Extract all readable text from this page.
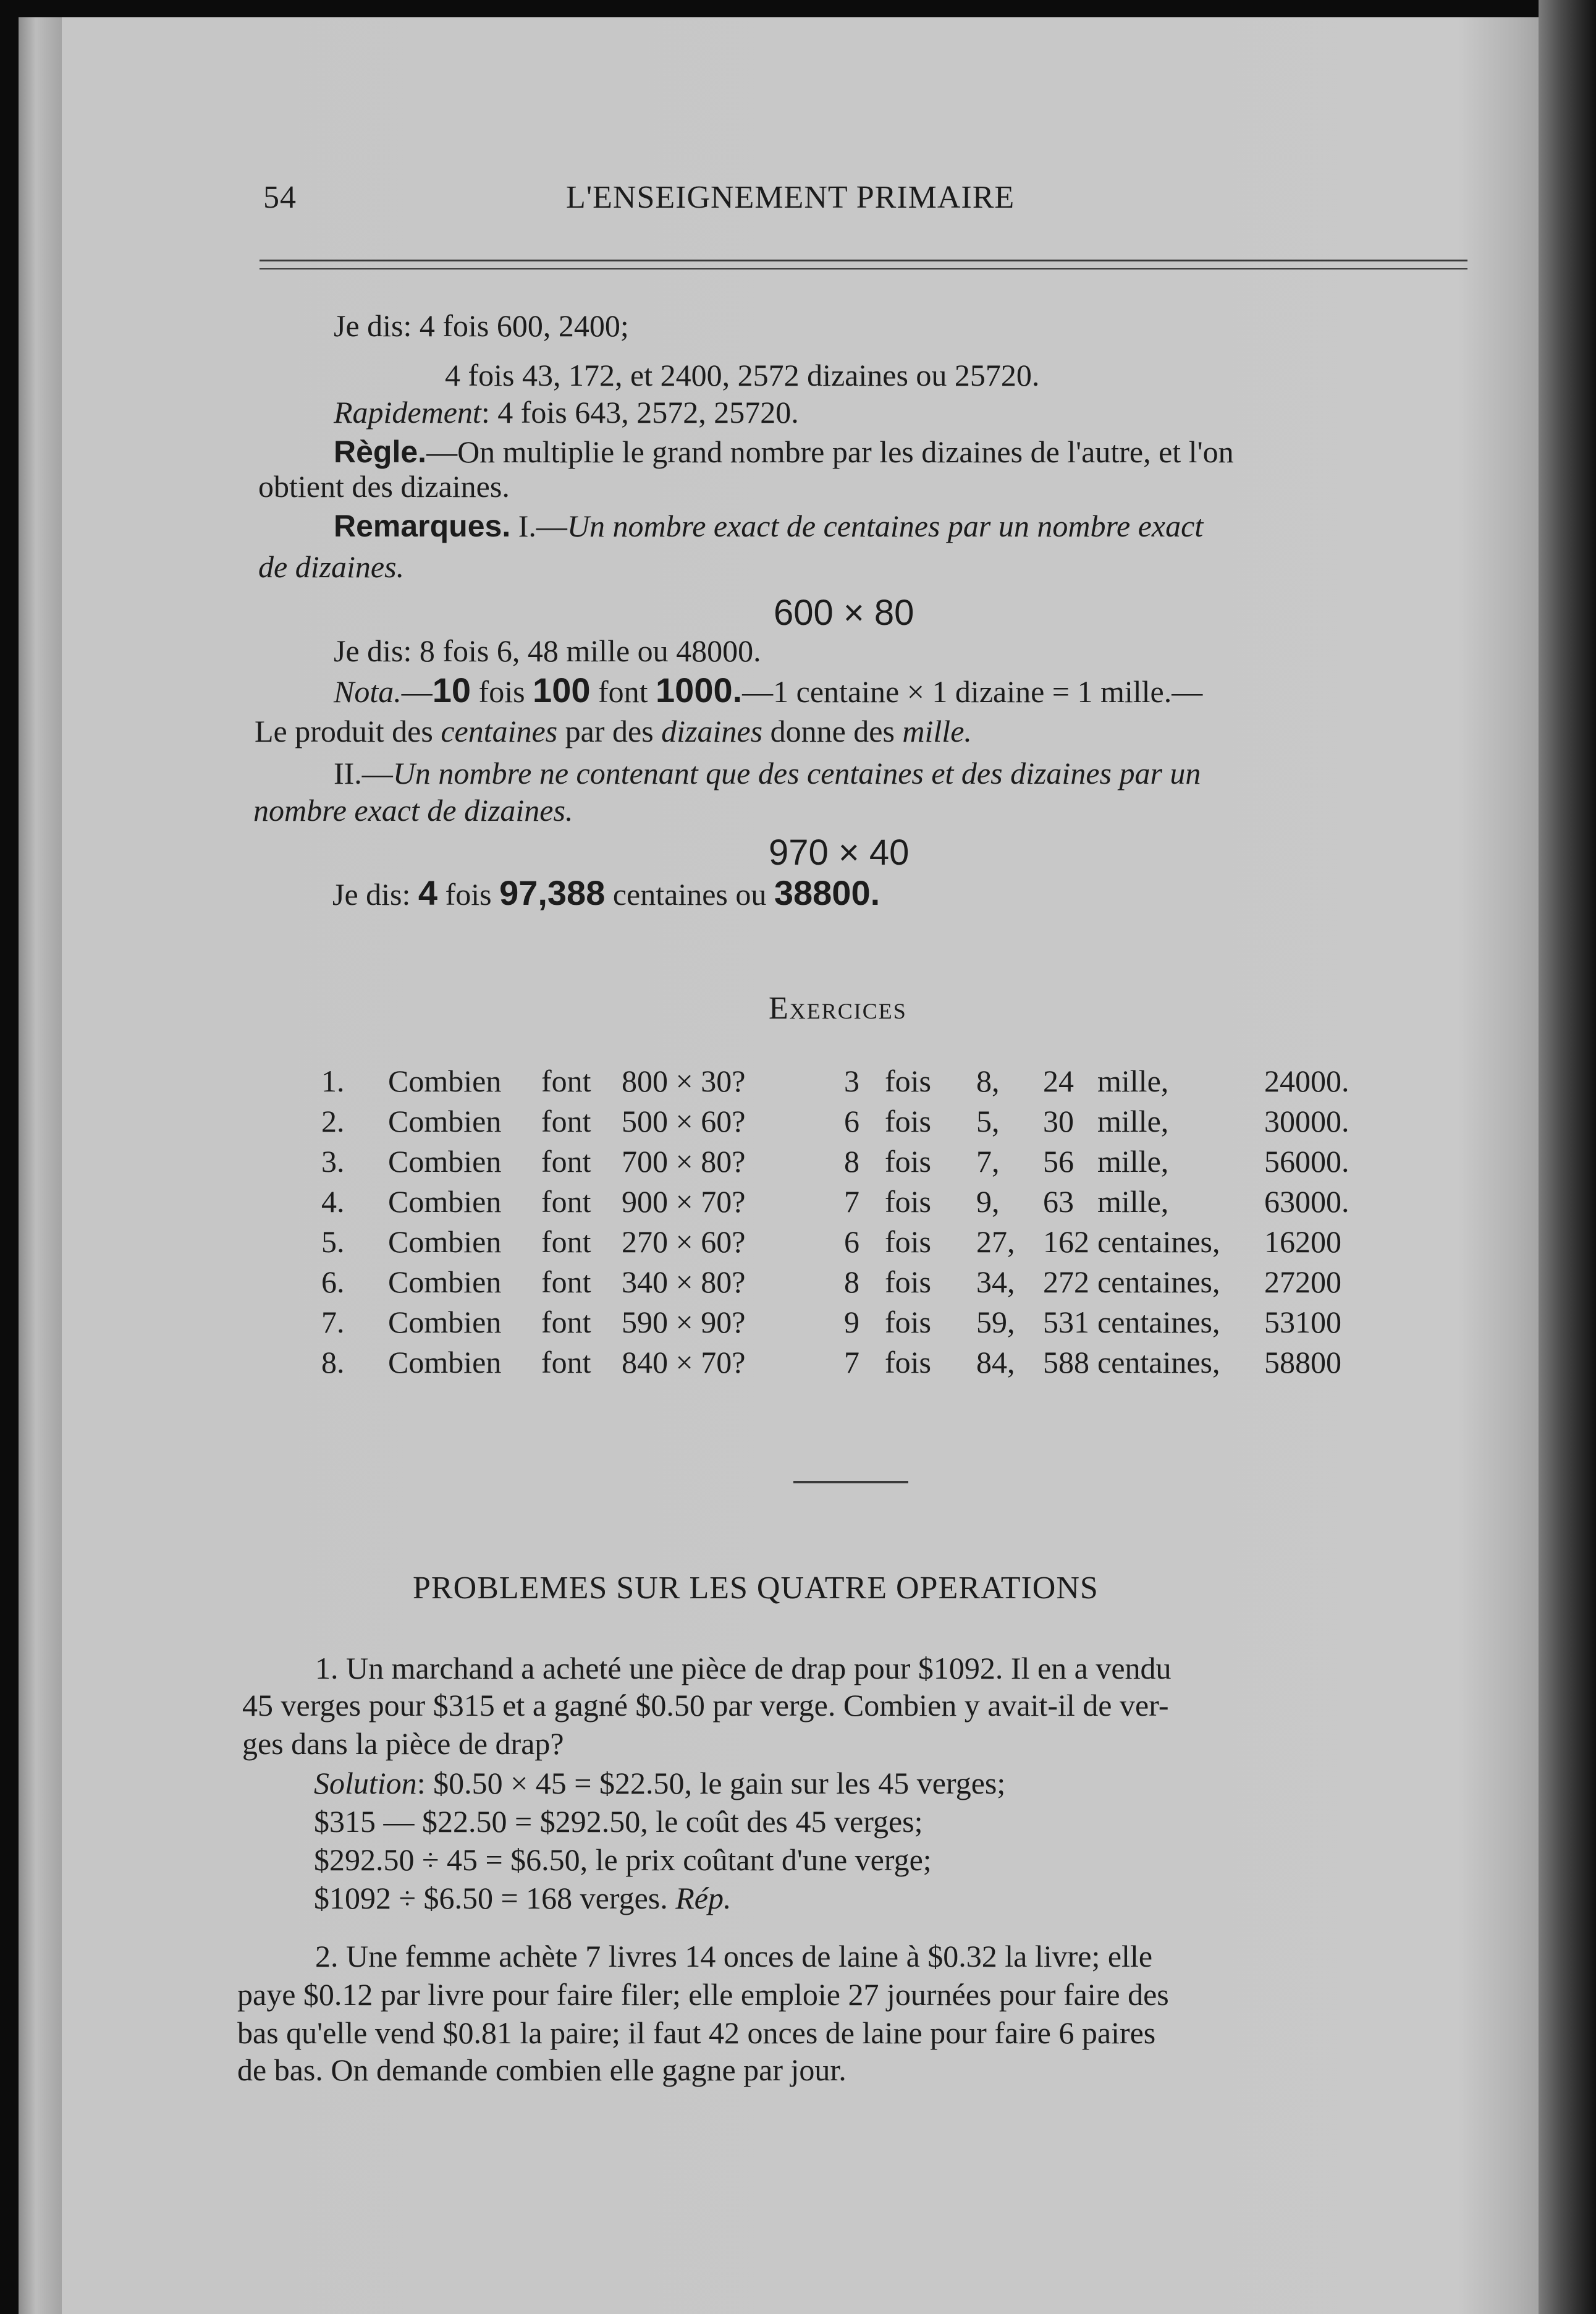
54	L'ENSEIGNEMENT PRIMAIRE
Je dis: 4 fois 600, 2400;
4 fois 43, 172, et 2400, 2572 dizaines ou 25720.
Rapidement: 4 fois 643, 2572, 25720.
Règle.—On multiplie le grand nombre par les dizaines de l'autre, et l'on
obtient des dizaines.
Remarques. I.—Un nombre exact de centaines par un nombre exact
de dizaines.
600 × 80
Je dis: 8 fois 6, 48 mille ou 48000.
Nota.—10 fois 100 font 1000.—1 centaine × 1 dizaine = 1 mille.—
Le produit des centaines par des dizaines donne des mille.
II.—Un nombre ne contenant que des centaines et des dizaines par un
nombre exact de dizaines.
970 × 40
Je dis: 4 fois 97,388 centaines ou 38800.
Exercices
1. Combien font 800 × 30?	3 fois 8, 24 mille,	24000.
2. Combien font 500 × 60?	6 fois 5, 30 mille,	30000.
3. Combien font 700 × 80?	8 fois 7, 56 mille,	56000.
4. Combien font 900 × 70?	7 fois 9, 63 mille,	63000.
5. Combien font 270 × 60?	6 fois 27, 162 centaines, 16200
6. Combien font 340 × 80?	8 fois 34, 272 centaines, 27200
7. Combien font 590 × 90?	9 fois 59, 531 centaines, 53100
8. Combien font 840 × 70?	7 fois 84, 588 centaines, 58800
PROBLEMES SUR LES QUATRE OPERATIONS
1. Un marchand a acheté une pièce de drap pour $1092. Il en a vendu
45 verges pour $315 et a gagné $0.50 par verge. Combien y avait-il de ver-
ges dans la pièce de drap?
Solution: $0.50 × 45 = $22.50, le gain sur les 45 verges;
$315 — $22.50 = $292.50, le coût des 45 verges;
$292.50 ÷ 45 = $6.50, le prix coûtant d'une verge;
$1092 ÷ $6.50 = 168 verges. Rép.
2. Une femme achète 7 livres 14 onces de laine à $0.32 la livre; elle
paye $0.12 par livre pour faire filer; elle emploie 27 journées pour faire des
bas qu'elle vend $0.81 la paire; il faut 42 onces de laine pour faire 6 paires
de bas. On demande combien elle gagne par jour.
